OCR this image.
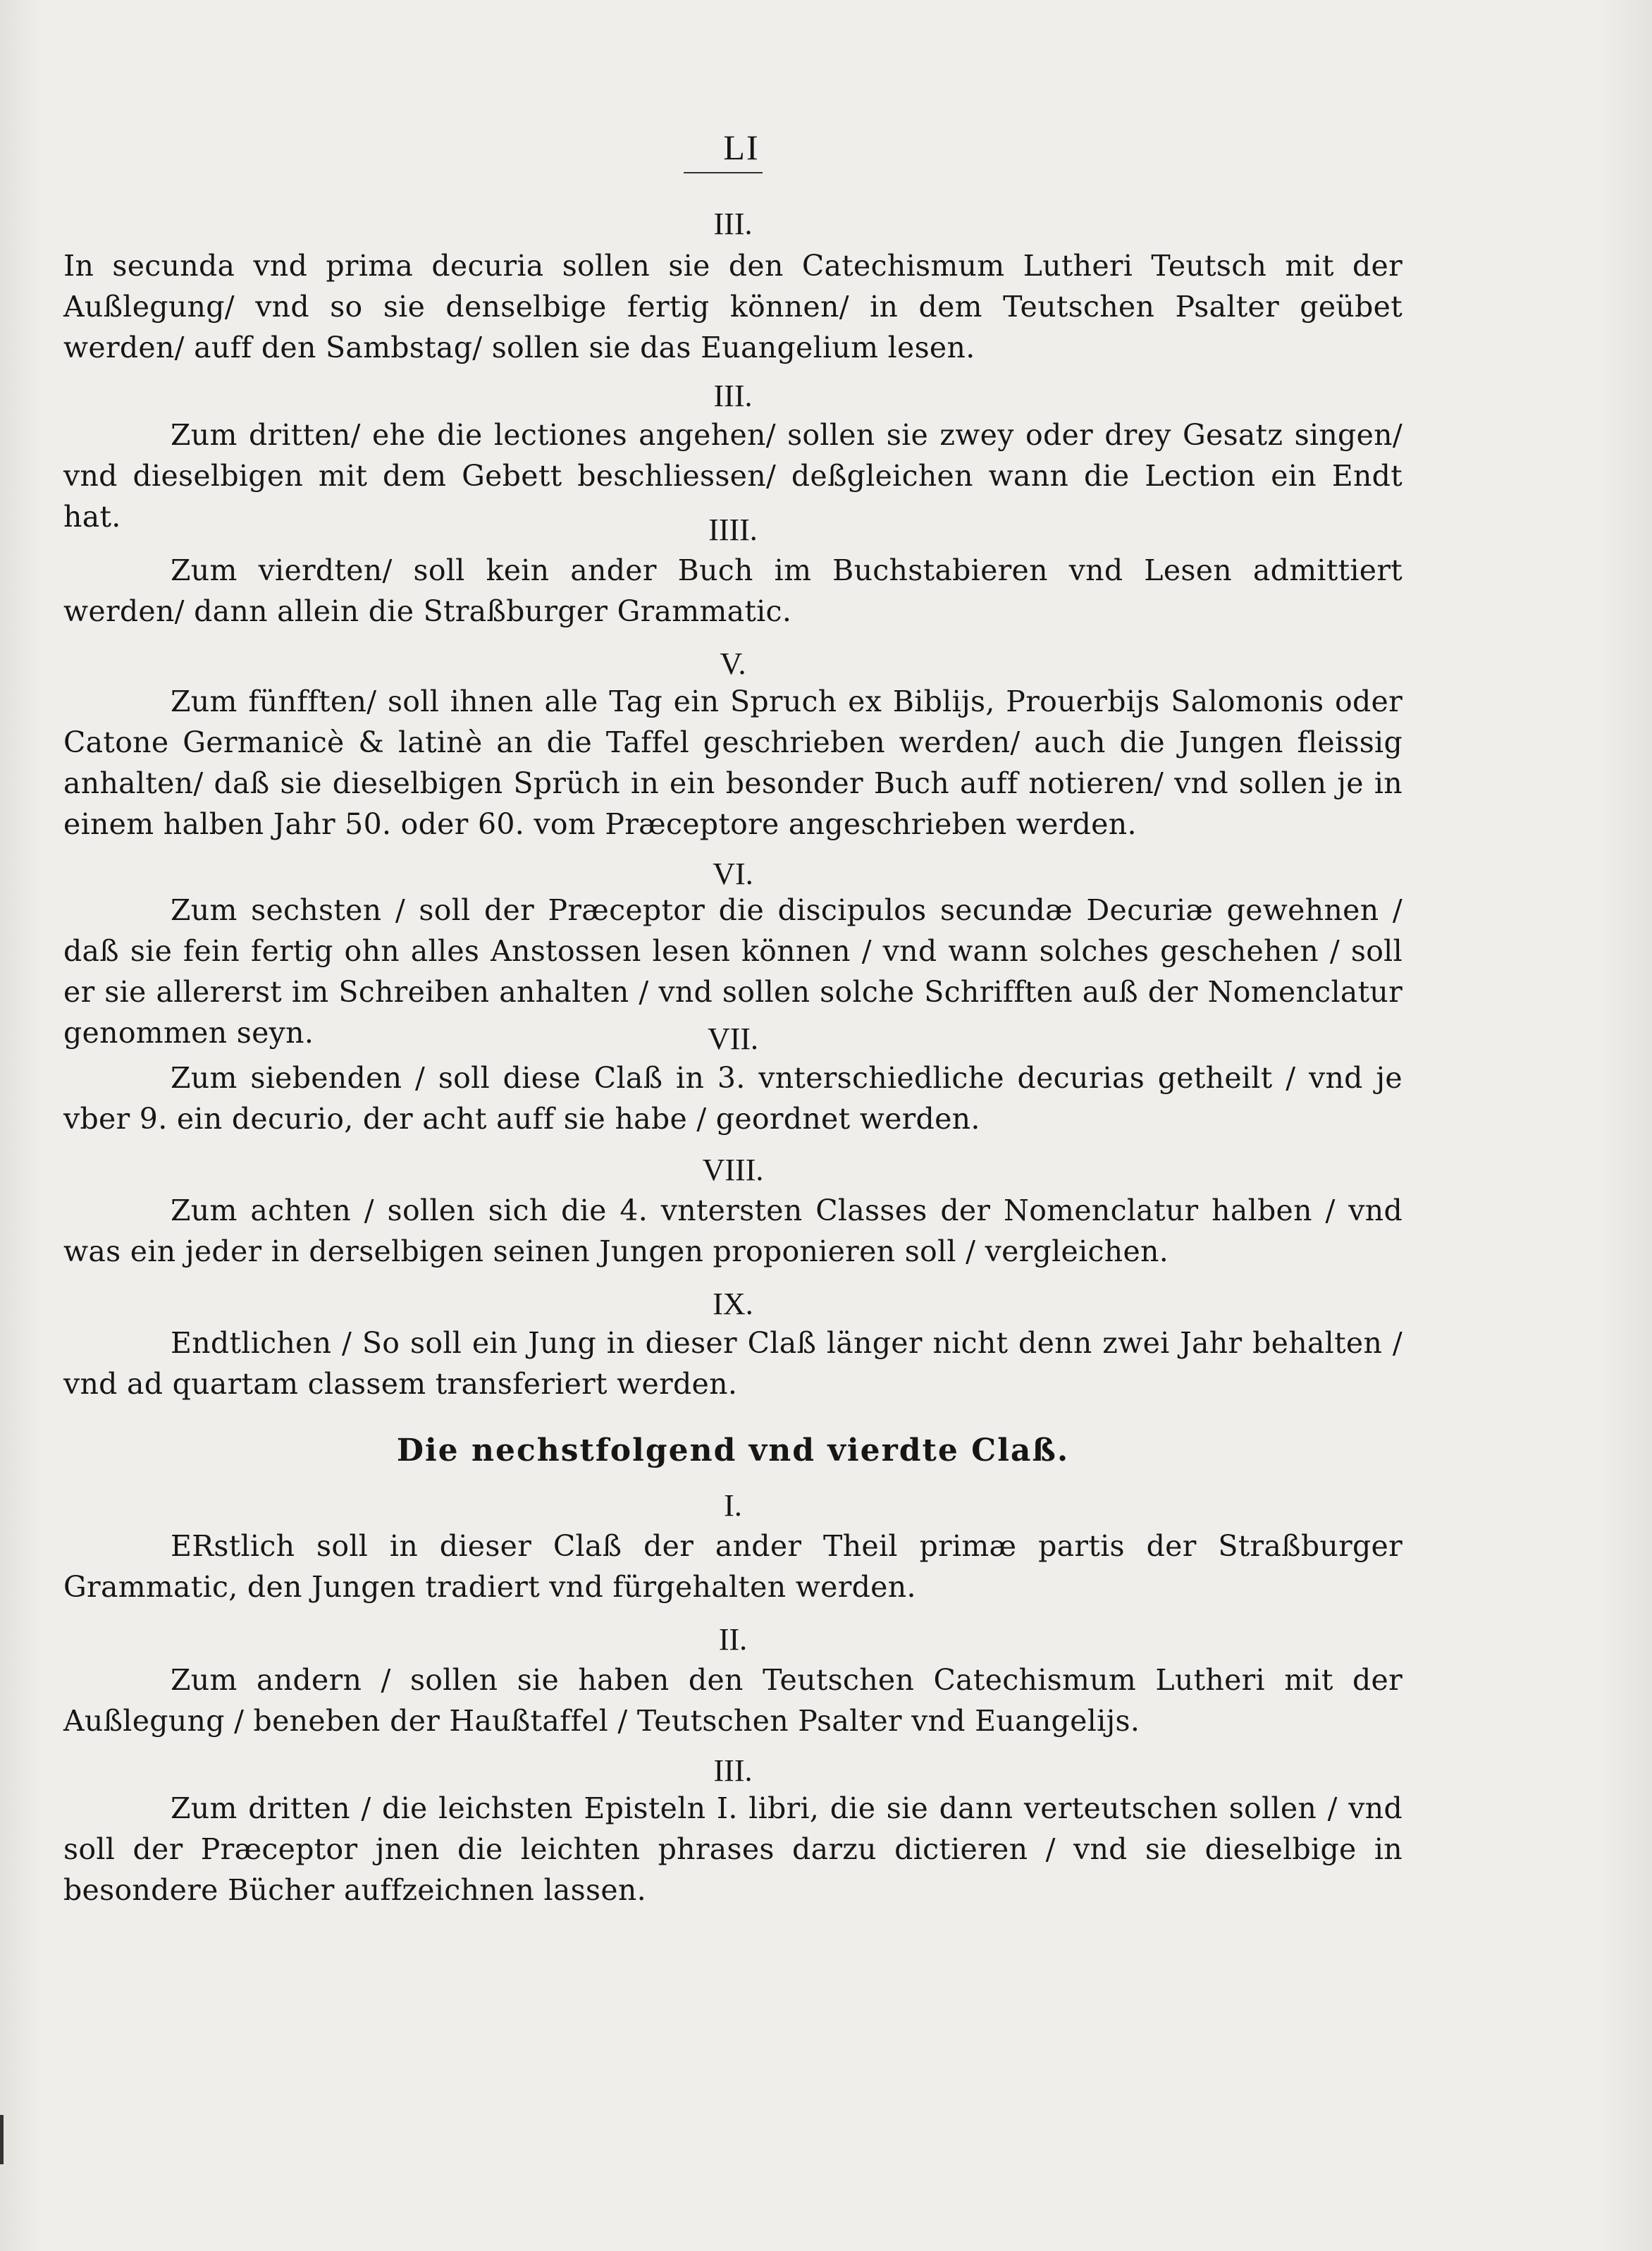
LI
III.
In secunda vnd prima decuria sollen sie den Catechismum Lutheri Teutsch mit der Außlegung/ vnd so sie denselbige fertig können/ in dem Teutschen Psalter geübet werden/ auff den Sambstag/ sollen sie das Euangelium lesen.
III.
Zum dritten/ ehe die lectiones angehen/ sollen sie zwey oder drey Gesatz singen/ vnd dieselbigen mit dem Gebett beschliessen/ deßgleichen wann die Lection ein Endt hat.	IIII.
Zum vierdten/ soll kein ander Buch im Buchstabieren vnd Lesen admittiert werden/ dann allein die Straßburger Grammatic.
V.
Zum fünfften/ soll ihnen alle Tag ein Spruch ex Biblijs, Prouerbijs Salomonis oder Catone Germanicè & latinè an die Taffel geschrieben werden/ auch die Jungen fleissig anhalten/ daß sie dieselbigen Sprüch in ein besonder Buch auff notieren/ vnd sollen je in einem halben Jahr 50. oder 60. vom Præceptore angeschrieben werden.
VI.
Zum sechsten / soll der Præceptor die discipulos secundæ Decuriæ gewehnen / daß sie fein fertig ohn alles Anstossen lesen können / vnd wann solches geschehen / soll er sie allererst im Schreiben anhalten / vnd sollen solche Schrifften auß der Nomenclatur genommen seyn.	VII.
Zum siebenden / soll diese Claß in 3. vnterschiedliche decurias getheilt / vnd je vber 9. ein decurio, der acht auff sie habe / geordnet werden.
VIII.
Zum achten / sollen sich die 4. vntersten Classes der Nomenclatur halben / vnd was ein jeder in derselbigen seinen Jungen proponieren soll / vergleichen.
IX.
Endtlichen / So soll ein Jung in dieser Claß länger nicht denn zwei Jahr behalten / vnd ad quartam classem transferiert werden.
Die nechstfolgend vnd vierdte Claß.
I.
ERstlich soll in dieser Claß der ander Theil primæ partis der Straßburger Grammatic, den Jungen tradiert vnd fürgehalten werden.
II.
Zum andern / sollen sie haben den Teutschen Catechismum Lutheri mit der Außlegung / beneben der Haußtaffel / Teutschen Psalter vnd Euangelijs.
III.
Zum dritten / die leichsten Episteln I. libri, die sie dann verteutschen sollen / vnd soll der Præceptor jnen die leichten phrases darzu dictieren / vnd sie dieselbige in besondere Bücher auffzeichnen lassen.
